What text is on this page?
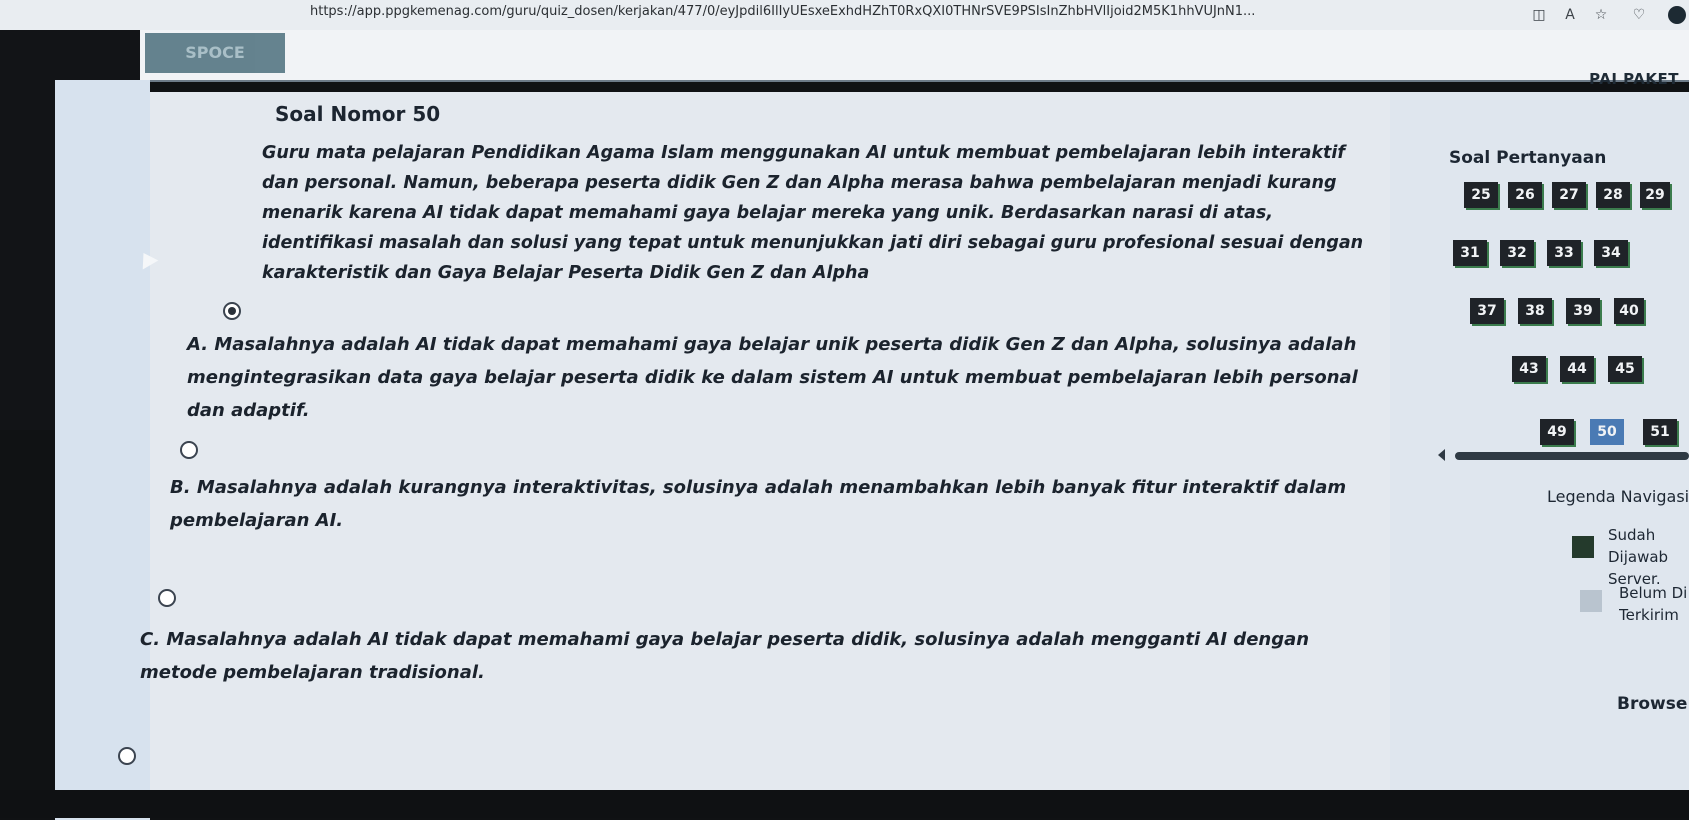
https://app.ppgkemenag.com/guru/quiz_dosen/kerjakan/477/0/eyJpdil6IlIyUEsxeExhdHZhT0RxQXI0THNrSVE9PSIsInZhbHVlIjoid2M5K1hhVUJnN1...	◫	A	☆ ♡
SPOCE
PAI PAKET
Soal Nomor 50
Guru mata pelajaran Pendidikan Agama Islam menggunakan AI untuk membuat pembelajaran lebih interaktif dan personal. Namun, beberapa peserta didik Gen Z dan Alpha merasa bahwa pembelajaran menjadi kurang menarik karena AI tidak dapat memahami gaya belajar mereka yang unik. Berdasarkan narasi di atas, identifikasi masalah dan solusi yang tepat untuk menunjukkan jati diri sebagai guru profesional sesuai dengan karakteristik dan Gaya Belajar Peserta Didik Gen Z dan Alpha
A. Masalahnya adalah AI tidak dapat memahami gaya belajar unik peserta didik Gen Z dan Alpha, solusinya adalah mengintegrasikan data gaya belajar peserta didik ke dalam sistem AI untuk membuat pembelajaran lebih personal dan adaptif.
B. Masalahnya adalah kurangnya interaktivitas, solusinya adalah menambahkan lebih banyak fitur interaktif dalam pembelajaran AI.
C. Masalahnya adalah AI tidak dapat memahami gaya belajar peserta didik, solusinya adalah mengganti AI dengan metode pembelajaran tradisional.
Soal Pertanyaan
25	26	27	28	29
31	32	33	34
37	38	39	40
43	44	45
49	50	51
Legenda Navigasi
Sudah Dijawab
Server.
Belum Di
Terkirim
Browse
